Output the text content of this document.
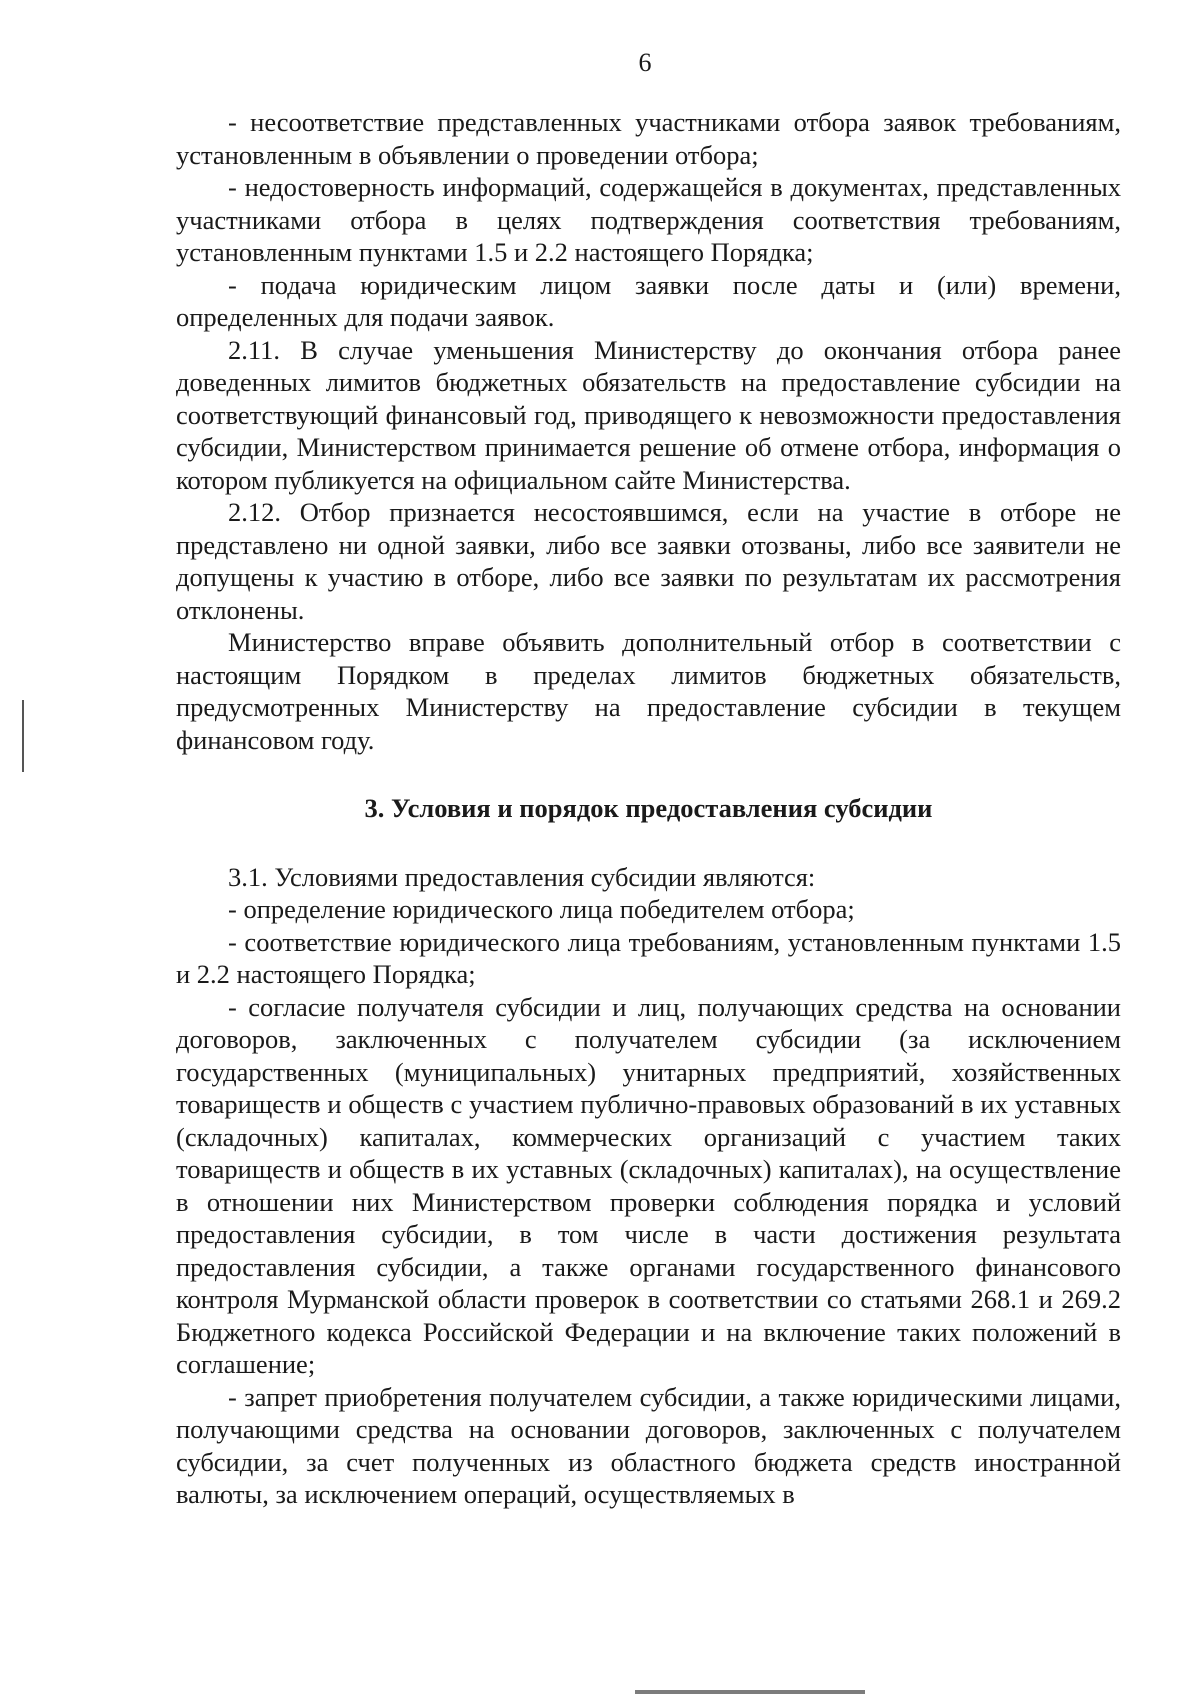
6

- несоответствие представленных участниками отбора заявок требованиям, установленным в объявлении о проведении отбора;

- недостоверность информаций, содержащейся в документах, представленных участниками отбора в целях подтверждения соответствия требованиям, установленным пунктами 1.5 и 2.2 настоящего Порядка;

- подача юридическим лицом заявки после даты и (или) времени, определенных для подачи заявок.

2.11. В случае уменьшения Министерству до окончания отбора ранее доведенных лимитов бюджетных обязательств на предоставление субсидии на соответствующий финансовый год, приводящего к невозможности предоставления субсидии, Министерством принимается решение об отмене отбора, информация о котором публикуется на официальном сайте Министерства.

2.12. Отбор признается несостоявшимся, если на участие в отборе не представлено ни одной заявки, либо все заявки отозваны, либо все заявители не допущены к участию в отборе, либо все заявки по результатам их рассмотрения отклонены.

Министерство вправе объявить дополнительный отбор в соответствии с настоящим Порядком в пределах лимитов бюджетных обязательств, предусмотренных Министерству на предоставление субсидии в текущем финансовом году.

3. Условия и порядок предоставления субсидии

3.1. Условиями предоставления субсидии являются:

- определение юридического лица победителем отбора;

- соответствие юридического лица требованиям, установленным пунктами 1.5 и 2.2 настоящего Порядка;

- согласие получателя субсидии и лиц, получающих средства на основании договоров, заключенных с получателем субсидии (за исключением государственных (муниципальных) унитарных предприятий, хозяйственных товариществ и обществ с участием публично-правовых образований в их уставных (складочных) капиталах, коммерческих организаций с участием таких товариществ и обществ в их уставных (складочных) капиталах), на осуществление в отношении них Министерством проверки соблюдения порядка и условий предоставления субсидии, в том числе в части достижения результата предоставления субсидии, а также органами государственного финансового контроля Мурманской области проверок в соответствии со статьями 268.1 и 269.2 Бюджетного кодекса Российской Федерации и на включение таких положений в соглашение;

- запрет приобретения получателем субсидии, а также юридическими лицами, получающими средства на основании договоров, заключенных с получателем субсидии, за счет полученных из областного бюджета средств иностранной валюты, за исключением операций, осуществляемых в
